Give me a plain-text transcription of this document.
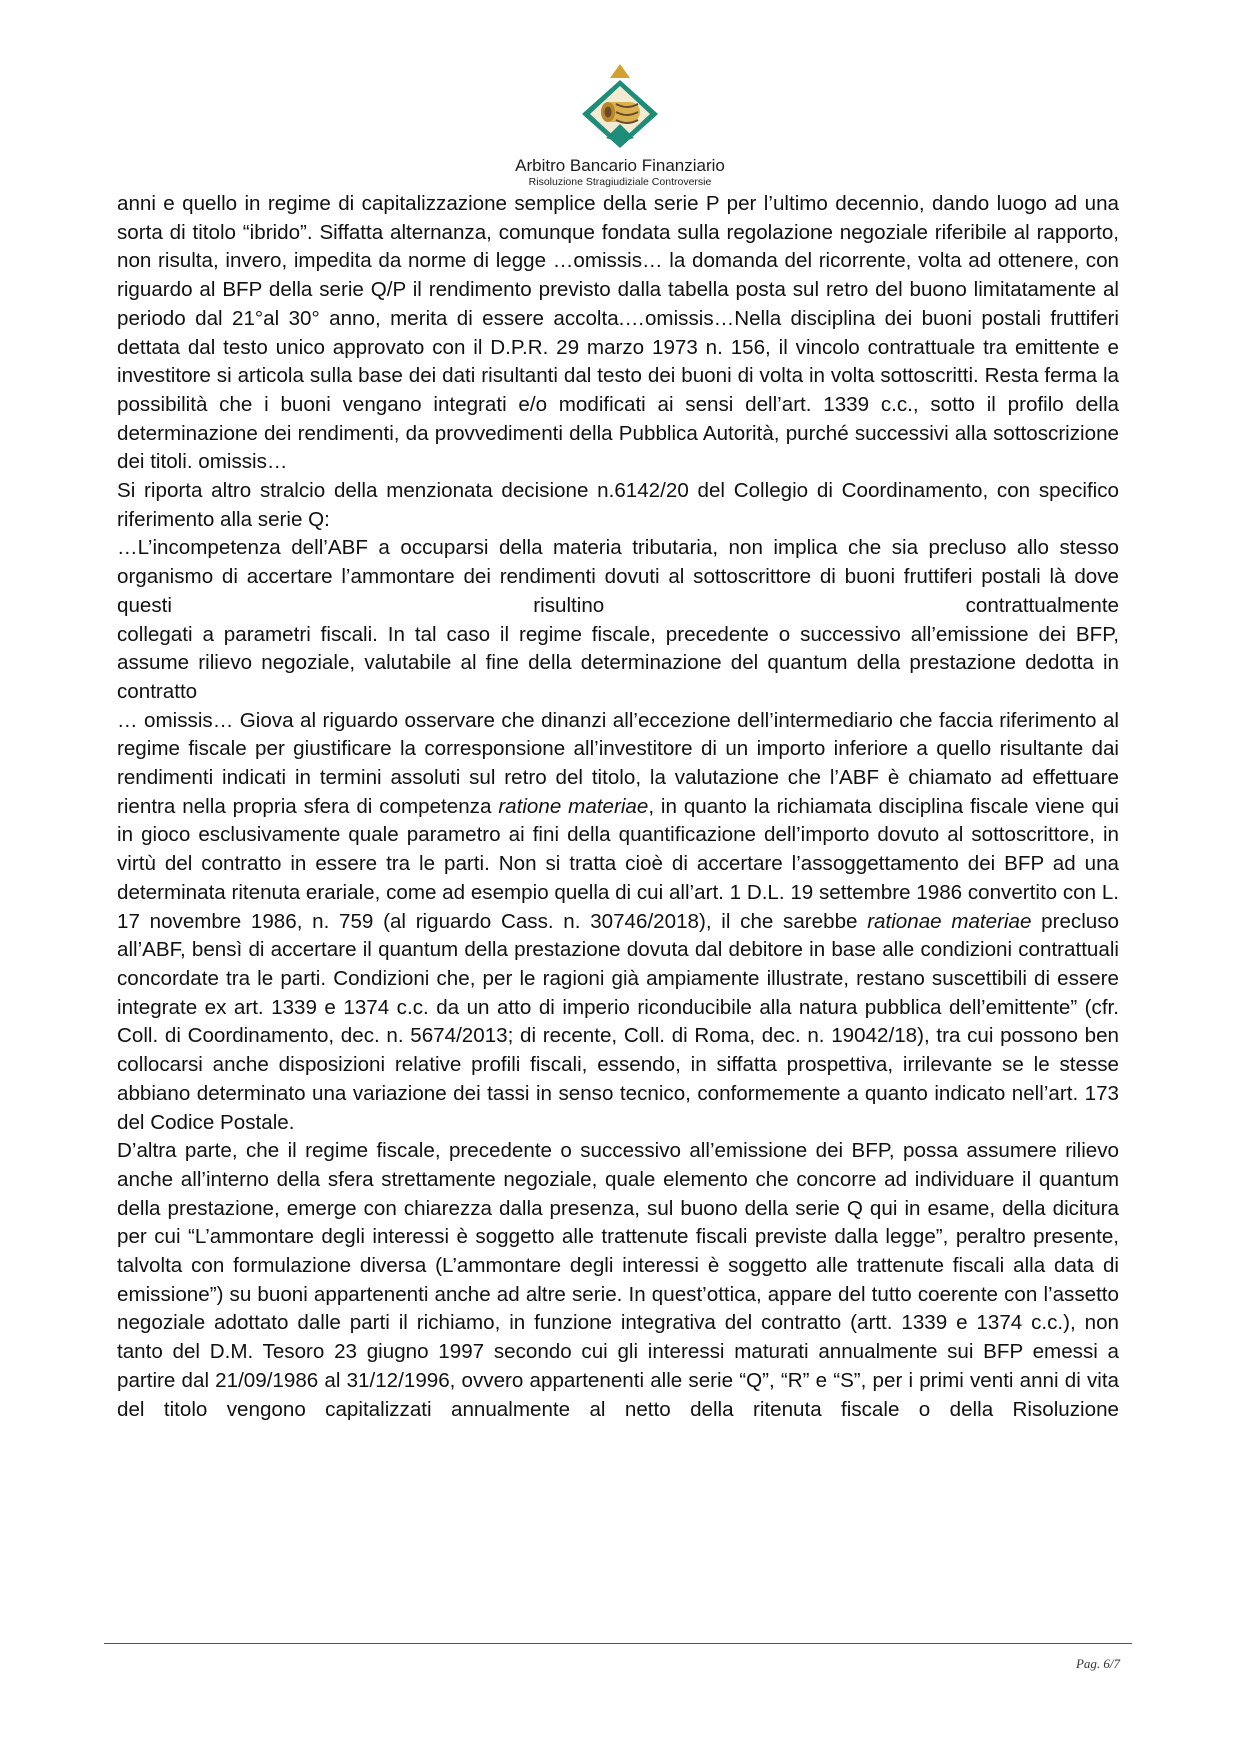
Arbitro Bancario Finanziario
Risoluzione Stragiudiziale Controversie

anni e quello in regime di capitalizzazione semplice della serie P per l’ultimo decennio, dando luogo ad una sorta di titolo “ibrido”. Siffatta alternanza, comunque fondata sulla regolazione negoziale riferibile al rapporto, non risulta, invero, impedita da norme di legge …omissis… la domanda del ricorrente, volta ad ottenere, con riguardo al BFP della serie Q/P il rendimento previsto dalla tabella posta sul retro del buono limitatamente al periodo dal 21°al 30° anno, merita di essere accolta.…omissis…Nella disciplina dei buoni postali fruttiferi dettata dal testo unico approvato con il D.P.R. 29 marzo 1973 n. 156, il vincolo contrattuale tra emittente e investitore si articola sulla base dei dati risultanti dal testo dei buoni di volta in volta sottoscritti. Resta ferma la possibilità che i buoni vengano integrati e/o modificati ai sensi dell’art. 1339 c.c., sotto il profilo della determinazione dei rendimenti, da provvedimenti della Pubblica Autorità, purché successivi alla sottoscrizione dei titoli. omissis…

Si riporta altro stralcio della menzionata decisione n.6142/20 del Collegio di Coordinamento, con specifico riferimento alla serie Q:

…L’incompetenza dell’ABF a occuparsi della materia tributaria, non implica che sia precluso allo stesso organismo di accertare l’ammontare dei rendimenti dovuti al sottoscrittore di buoni fruttiferi postali là dove questi risultino contrattualmente

collegati a parametri fiscali. In tal caso il regime fiscale, precedente o successivo all’emissione dei BFP, assume rilievo negoziale, valutabile al fine della determinazione del quantum della prestazione dedotta in contratto

… omissis… Giova al riguardo osservare che dinanzi all’eccezione dell’intermediario che faccia riferimento al regime fiscale per giustificare la corresponsione all’investitore di un importo inferiore a quello risultante dai rendimenti indicati in termini assoluti sul retro del titolo, la valutazione che l’ABF è chiamato ad effettuare rientra nella propria sfera di competenza ratione materiae, in quanto la richiamata disciplina fiscale viene qui in gioco esclusivamente quale parametro ai fini della quantificazione dell’importo dovuto al sottoscrittore, in virtù del contratto in essere tra le parti. Non si tratta cioè di accertare l’assoggettamento dei BFP ad una determinata ritenuta erariale, come ad esempio quella di cui all’art. 1 D.L. 19 settembre 1986 convertito con L. 17 novembre 1986, n. 759 (al riguardo Cass. n. 30746/2018), il che sarebbe rationae materiae precluso all’ABF, bensì di accertare il quantum della prestazione dovuta dal debitore in base alle condizioni contrattuali concordate tra le parti. Condizioni che, per le ragioni già ampiamente illustrate, restano suscettibili di essere integrate ex art. 1339 e 1374 c.c. da un atto di imperio riconducibile alla natura pubblica dell’emittente” (cfr. Coll. di Coordinamento, dec. n. 5674/2013; di recente, Coll. di Roma, dec. n. 19042/18), tra cui possono ben collocarsi anche disposizioni relative profili fiscali, essendo, in siffatta prospettiva, irrilevante se le stesse abbiano determinato una variazione dei tassi in senso tecnico, conformemente a quanto indicato nell’art. 173 del Codice Postale.

D’altra parte, che il regime fiscale, precedente o successivo all’emissione dei BFP, possa assumere rilievo anche all’interno della sfera strettamente negoziale, quale elemento che concorre ad individuare il quantum della prestazione, emerge con chiarezza dalla presenza, sul buono della serie Q qui in esame, della dicitura per cui “L’ammontare degli interessi è soggetto alle trattenute fiscali previste dalla legge”, peraltro presente, talvolta con formulazione diversa (L’ammontare degli interessi è soggetto alle trattenute fiscali alla data di emissione”) su buoni appartenenti anche ad altre serie. In quest’ottica, appare del tutto coerente con l’assetto negoziale adottato dalle parti il richiamo, in funzione integrativa del contratto (artt. 1339 e 1374 c.c.), non tanto del D.M. Tesoro 23 giugno 1997 secondo cui gli interessi maturati annualmente sui BFP emessi a partire dal 21/09/1986 al 31/12/1996, ovvero appartenenti alle serie “Q”, “R” e “S”, per i primi venti anni di vita del titolo vengono capitalizzati annualmente al netto della ritenuta fiscale o della Risoluzione

Pag. 6/7
